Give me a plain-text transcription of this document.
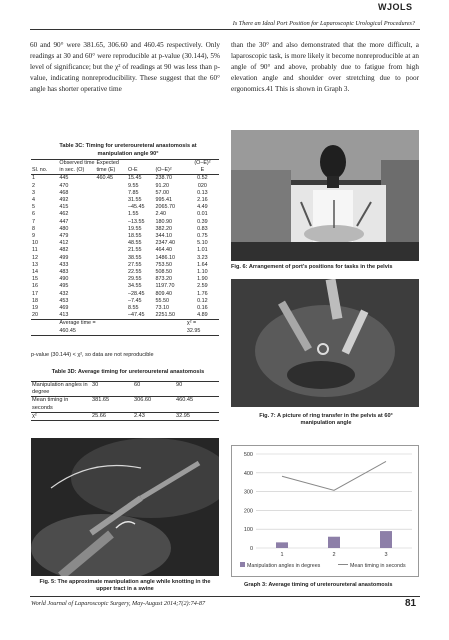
WJOLS
Is There an Ideal Port Position for Laparoscopic Urological Procedures?

60 and 90° were 381.65, 306.60 and 460.45 respectively. Only readings at 30 and 60° were reproducible at p-value (30.144), 5% level of significance; but the χ² of readings at 90 was less than p-value, indicating nonreproducibility. These suggest that the 60° angle has shorter operative time

than the 30° and also demonstrated that the more difficult, a laparoscopic task, is more likely it become nonreproducible at an angle of 90° and above, probably due to fatigue from high elevation angle and shoulder over stretching due to poor ergonomics.41 This is shown in Graph 3.

Table 3C: Timing for ureteroureteral anastomosis at
manipulation angle 90°
	Observed time	Expected			(O–E)²
Sl. no.	in sec. (O)	time (E)	O-E	(O–E)²	E
1	445	460.45	15.45	238.70	0.52
2	470		9.55	91.20	020
3	468		7.85	57.00	0.13
4	492		31.55	995.41	2.16
5	415		–45.45	2065.70	4.49
6	462		1.55	2.40	0.01
7	447		–13.55	180.90	0.39
8	480		19.55	382.20	0.83
9	479		18.55	344.10	0.75
10	412		48.55	2347.40	5.10
11	482		21.55	464.40	1.01
12	499		38.55	1486.10	3.23
13	433		27.55	753.50	1.64
14	483		22.55	508.50	1.10
15	490		29.55	873.20	1.90
16	495		34.55	1197.70	2.59
17	432		–28.45	809.40	1.76
18	453		–7.45	55.50	0.12
19	469		8.55	73.10	0.16
20	413		–47.45	2251.50	4.89
	Average time =				χ² =
	460.45				32.95

p-value (30.144) < χ², so data are not reproducible
Table 3D: Average timing for ureteroureteral anastomosis
Manipulation angles in degree	30	60	90
Mean timing in seconds	381.65	306.60	460.45
χ²	25.66	2.43	32.95

Fig. 6: Arrangement of port’s positions for tasks in the pelvis
Fig. 7: A picture of ring transfer in the pelvis at 60°
manipulation angle
Fig. 5: The approximate manipulation angle while knotting in the
upper tract in a swine
0
100
200
300
400
500
1	2	3
Manipulation angles in degrees	Mean timing in seconds
Graph 3: Average timing of ureteroureteral anastomosis
World Journal of Laparoscopic Surgery, May-August 2014;7(2):74-87	81
